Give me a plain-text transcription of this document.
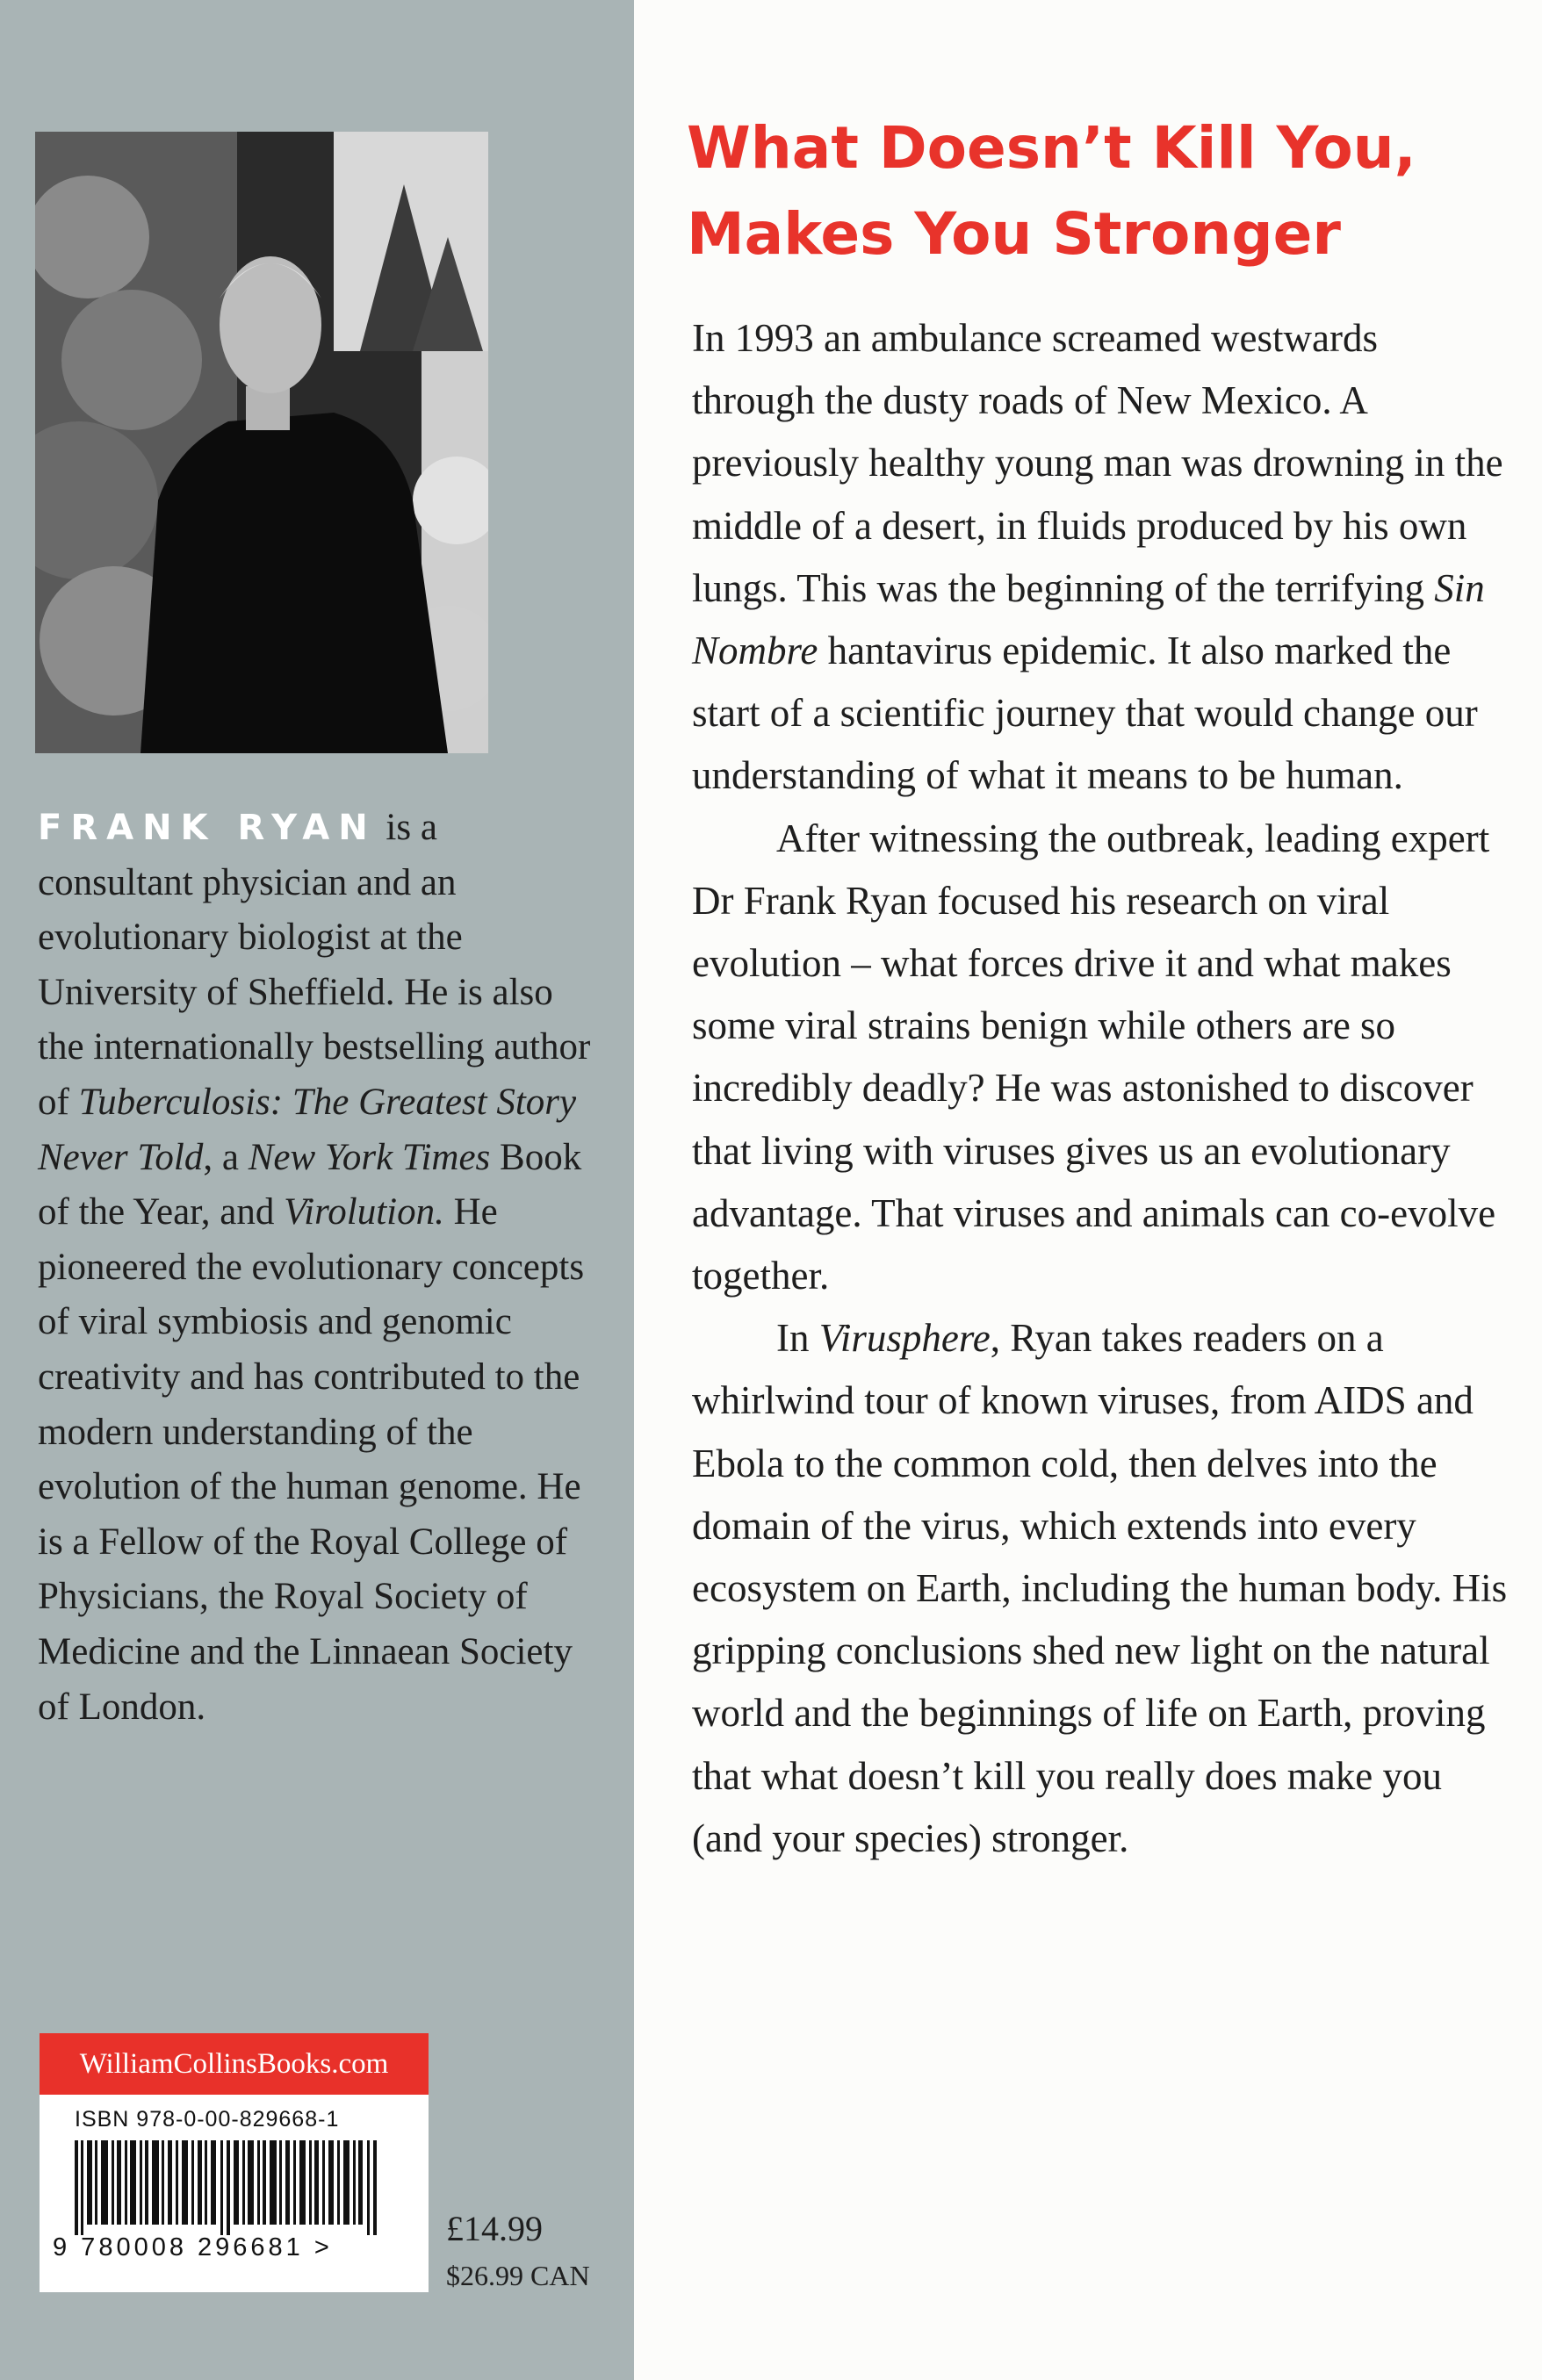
FRANK RYAN is a consultant physician and an evolutionary biologist at the University of Sheffield. He is also the internationally bestselling author of Tuberculosis: The Greatest Story Never Told, a New York Times Book of the Year, and Virolution. He pioneered the evolutionary concepts of viral symbiosis and genomic creativity and has contributed to the modern understanding of the evolution of the human genome. He is a Fellow of the Royal College of Physicians, the Royal Society of Medicine and the Linnaean Society of London.

WilliamCollinsBooks.com

ISBN 978-0-00-829668-1

9 780008 296681 >	£14.99

$26.99 CAN

What Doesn’t Kill You,
Makes You Stronger

In 1993 an ambulance screamed westwards through the dusty roads of New Mexico. A previously healthy young man was drowning in the middle of a desert, in fluids produced by his own lungs. This was the beginning of the terrifying Sin Nombre hantavirus epidemic. It also marked the start of a scientific journey that would change our understanding of what it means to be human.

After witnessing the outbreak, leading expert Dr Frank Ryan focused his research on viral evolution – what forces drive it and what makes some viral strains benign while others are so incredibly deadly? He was astonished to discover that living with viruses gives us an evolutionary advantage. That viruses and animals can co-evolve together.

In Virusphere, Ryan takes readers on a whirlwind tour of known viruses, from AIDS and Ebola to the common cold, then delves into the domain of the virus, which extends into every ecosystem on Earth, including the human body. His gripping conclusions shed new light on the natural world and the beginnings of life on Earth, proving that what doesn’t kill you really does make you (and your species) stronger.
